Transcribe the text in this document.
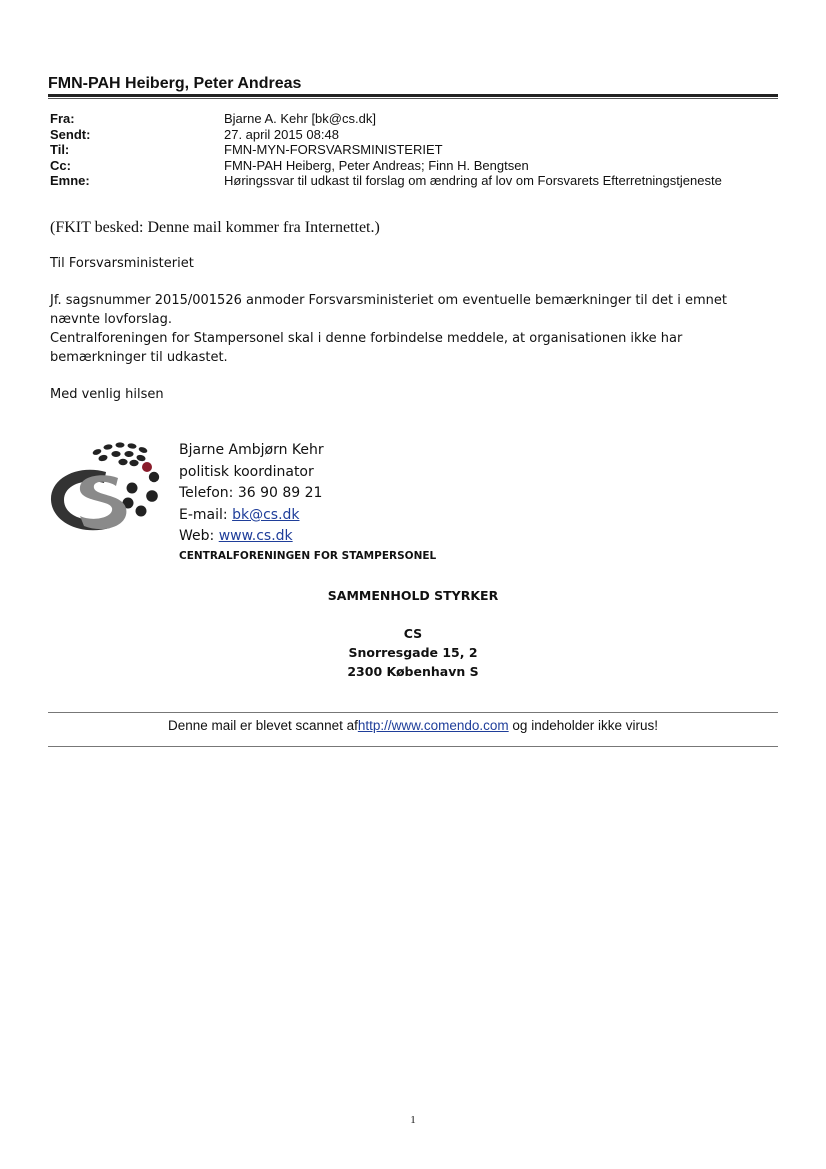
FMN-PAH Heiberg, Peter Andreas
Fra:	Bjarne A. Kehr [bk@cs.dk]
Sendt:	27. april 2015 08:48
Til:	FMN-MYN-FORSVARSMINISTERIET
Cc:	FMN-PAH Heiberg, Peter Andreas; Finn H. Bengtsen
Emne:	Høringssvar til udkast til forslag om ændring af lov om Forsvarets Efterretningstjeneste
(FKIT besked: Denne mail kommer fra Internettet.)
Til Forsvarsministeriet
Jf. sagsnummer 2015/001526 anmoder Forsvarsministeriet om eventuelle bemærkninger til det i emnet nævnte lovforslag.
Centralforeningen for Stampersonel skal i denne forbindelse meddele, at organisationen ikke har bemærkninger til udkastet.
Med venlig hilsen
Bjarne Ambjørn Kehr
politisk koordinator
Telefon: 36 90 89 21
E-mail: bk@cs.dk
Web: www.cs.dk
CENTRALFORENINGEN FOR STAMPERSONEL
SAMMENHOLD STYRKER
CS
Snorresgade 15, 2
2300 København S
Denne mail er blevet scannet afhttp://www.comendo.com og indeholder ikke virus!
1
